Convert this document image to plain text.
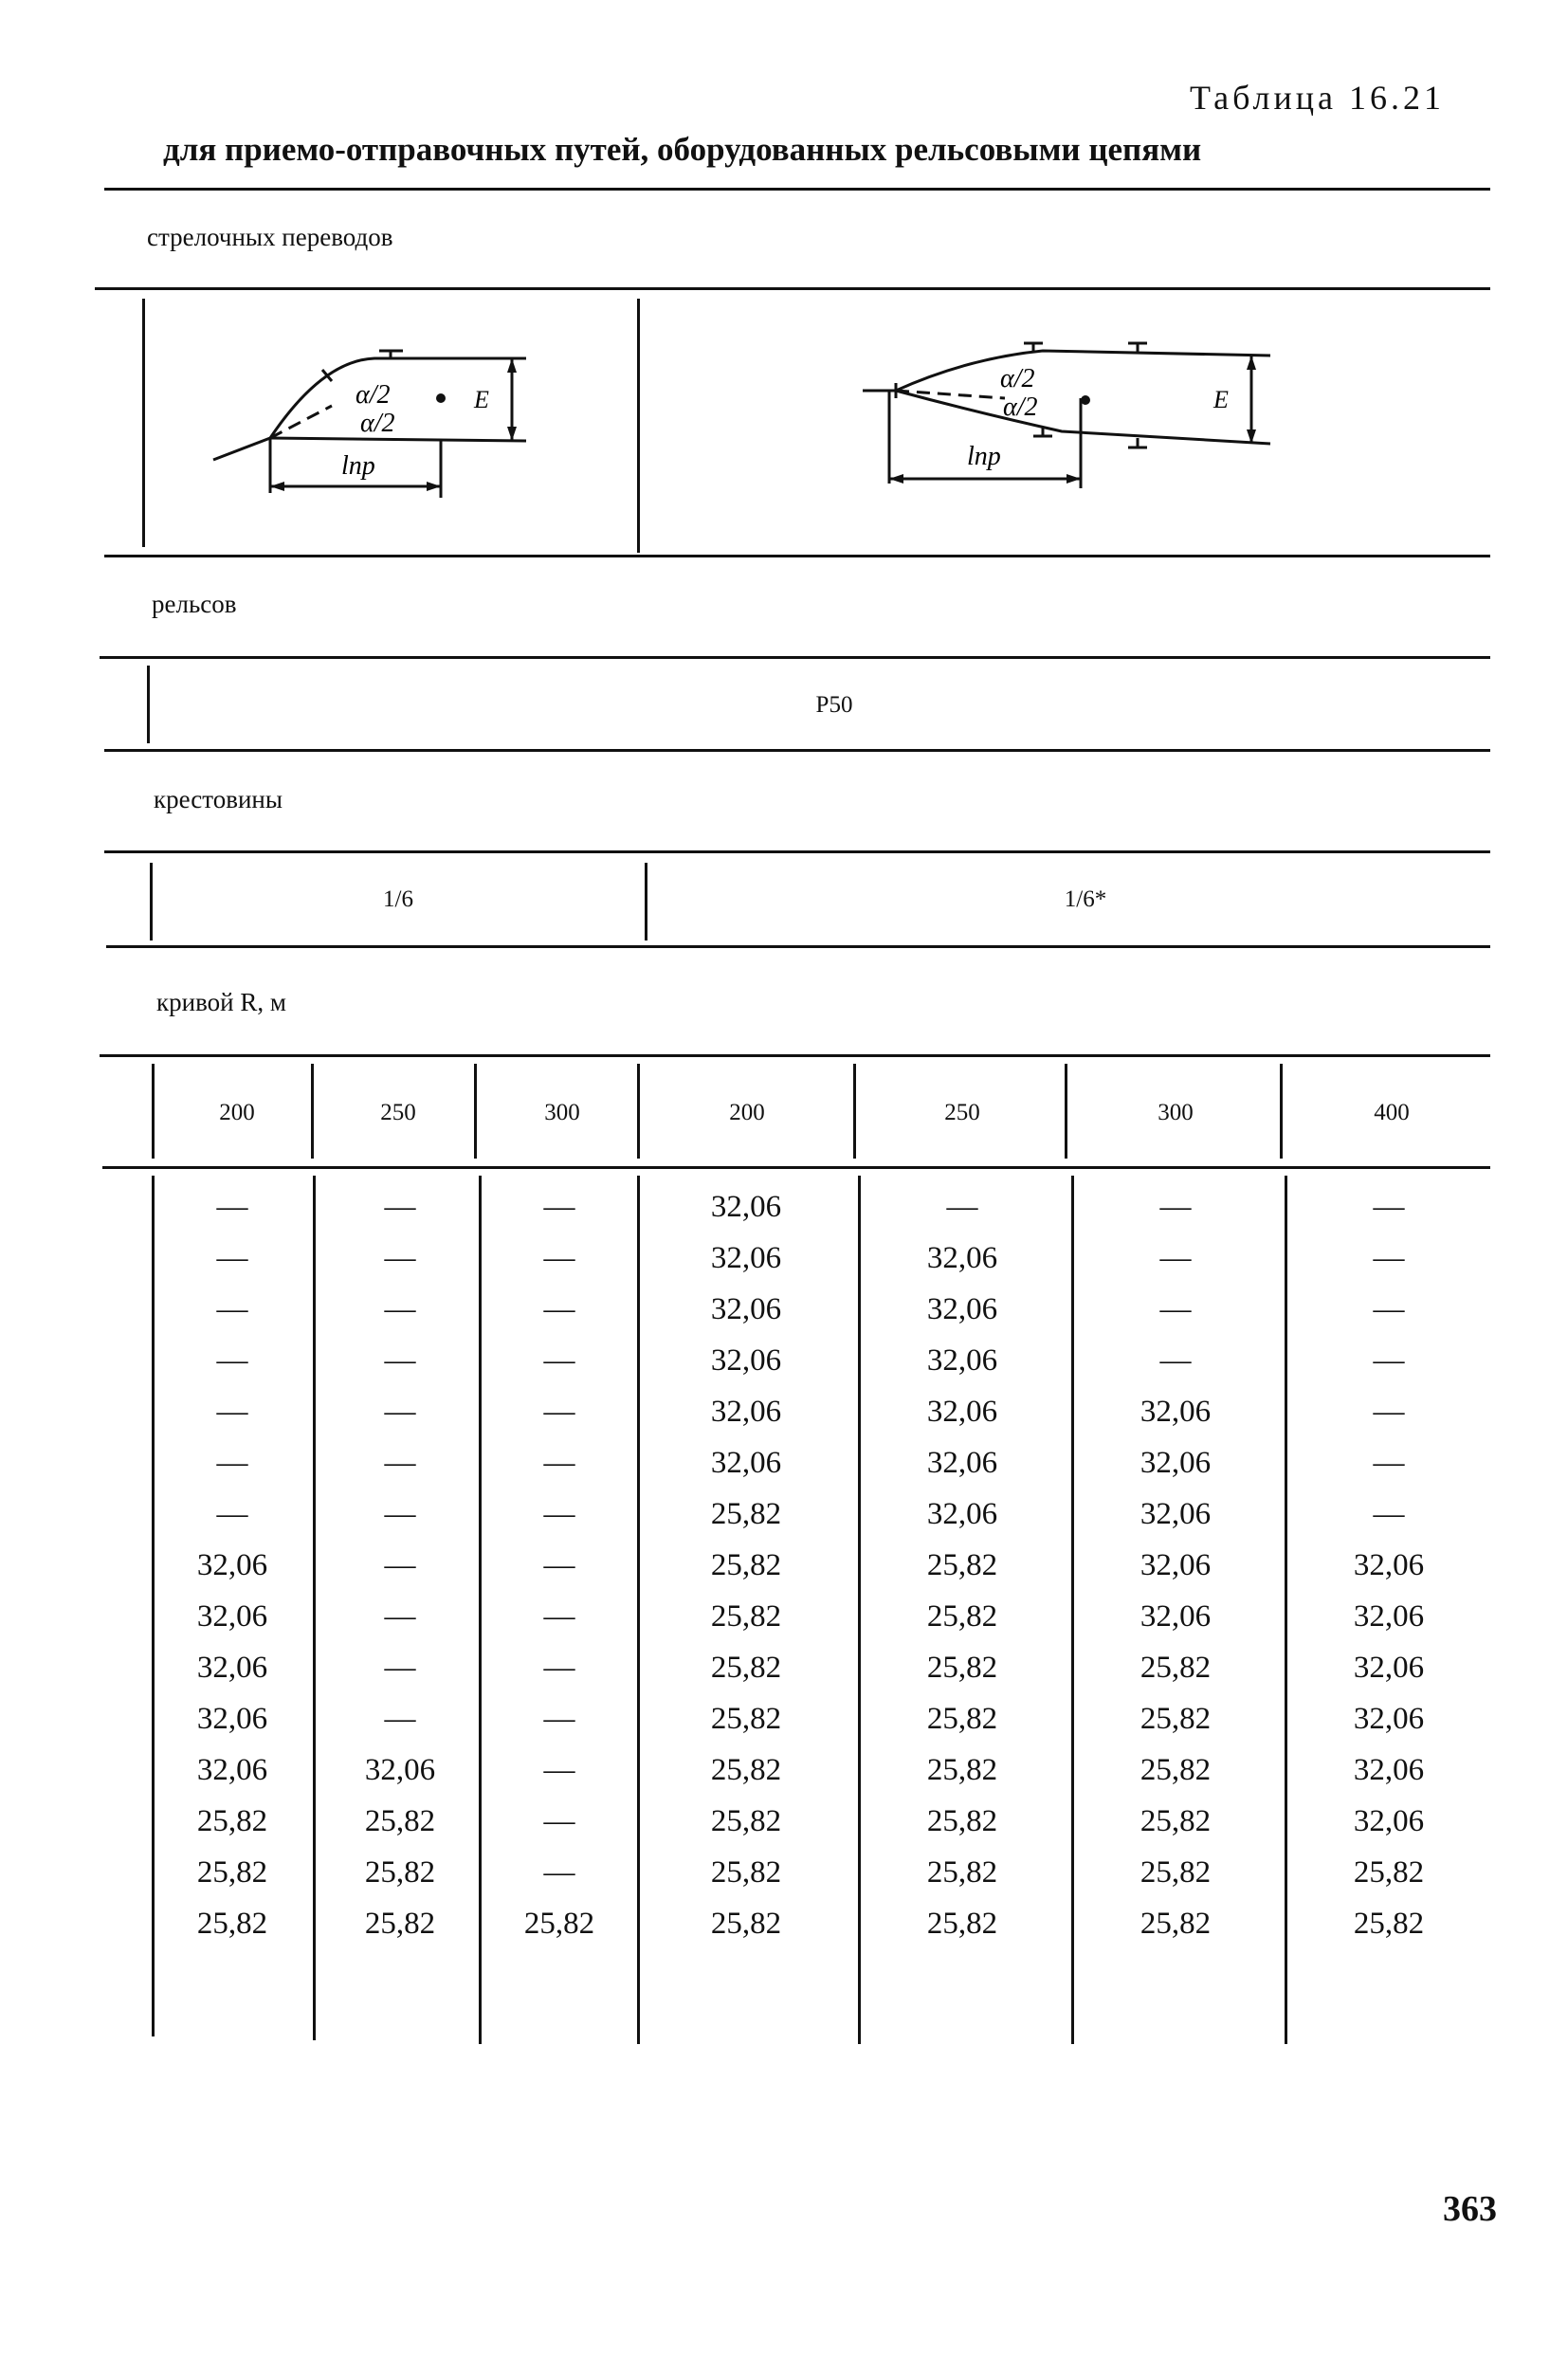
Таблица 16.21
для приемо-отправочных путей, оборудованных рельсовыми цепями
стрелочных переводов
α/2
α/2
lпр
E
α/2
α/2
lпр
E
рельсов
Р50
крестовины
1/6	1/6*
кривой R, м
200	250	300	200	250	300	400
—	—	—	32,06	—	—	—
—	—	—	32,06	32,06	—	—
—	—	—	32,06	32,06	—	—
—	—	—	32,06	32,06	—	—
—	—	—	32,06	32,06	32,06	—
—	—	—	32,06	32,06	32,06	—
—	—	—	25,82	32,06	32,06	—
32,06	—	—	25,82	25,82	32,06	32,06
32,06	—	—	25,82	25,82	32,06	32,06
32,06	—	—	25,82	25,82	25,82	32,06
32,06	—	—	25,82	25,82	25,82	32,06
32,06	32,06	—	25,82	25,82	25,82	32,06
25,82	25,82	—	25,82	25,82	25,82	32,06
25,82	25,82	—	25,82	25,82	25,82	25,82
25,82	25,82	25,82	25,82	25,82	25,82	25,82
363
